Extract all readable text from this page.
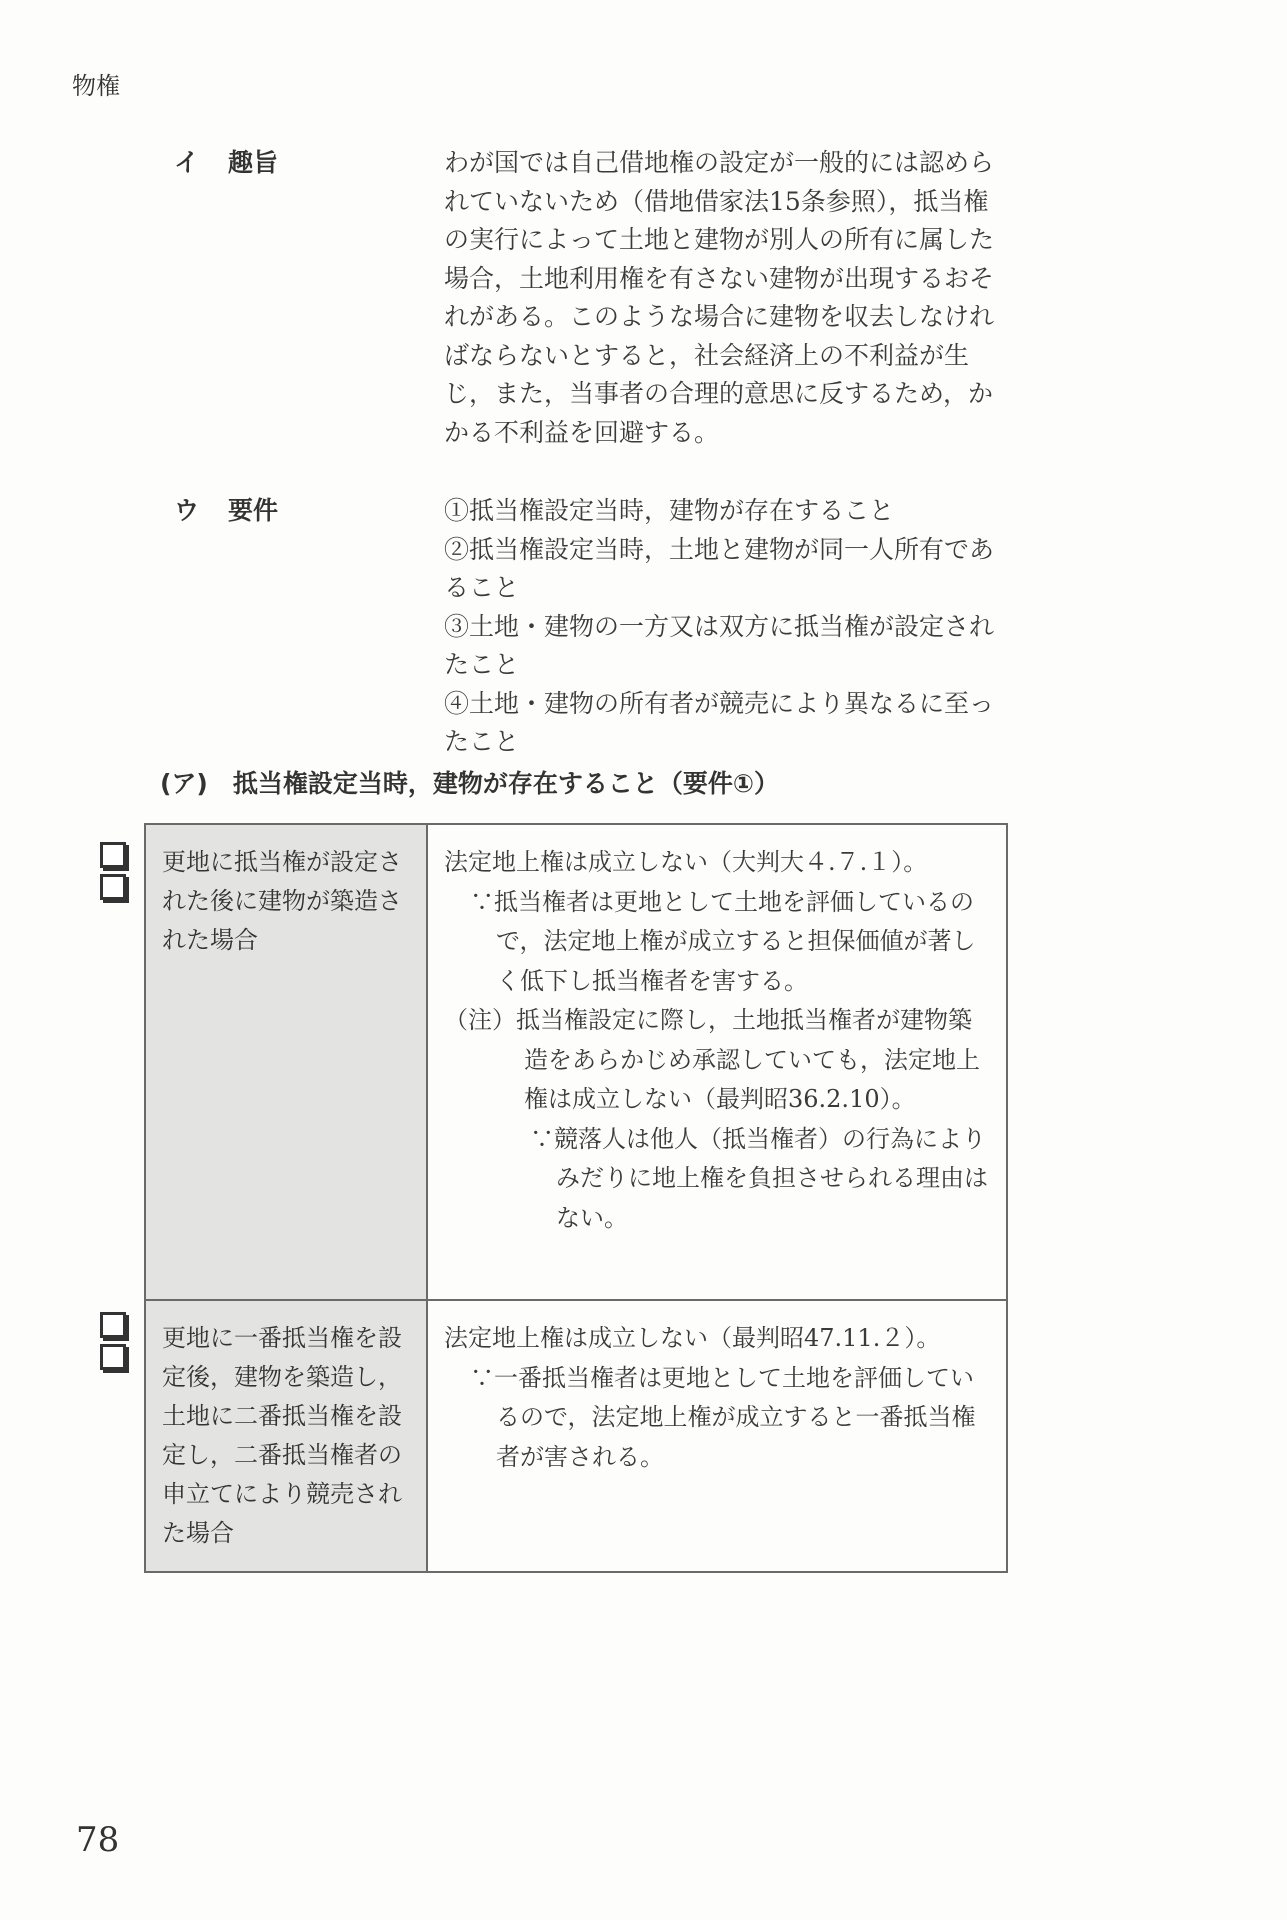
物権
イ 趣旨	わが国では自己借地権の設定が一般的には認められていないため（借地借家法15条参照），抵当権の実行によって土地と建物が別人の所有に属した場合，土地利用権を有さない建物が出現するおそれがある。このような場合に建物を収去しなければならないとすると，社会経済上の不利益が生じ，また，当事者の合理的意思に反するため，かかる不利益を回避する。

ウ 要件	①抵当権設定当時，建物が存在すること

②抵当権設定当時，土地と建物が同一人所有であること

③土地・建物の一方又は双方に抵当権が設定されたこと

④土地・建物の所有者が競売により異なるに至ったこと

(ア)　抵当権設定当時，建物が存在すること（要件①）
更地に抵当権が設定された後に建物が築造された場合	法定地上権は成立しない（大判大４.７.１）。

∵抵当権者は更地として土地を評価しているので，法定地上権が成立すると担保価値が著しく低下し抵当権者を害する。

（注）抵当権設定に際し，土地抵当権者が建物築造をあらかじめ承認していても，法定地上権は成立しない（最判昭36.2.10）。

∵競落人は他人（抵当権者）の行為によりみだりに地上権を負担させられる理由はない。

更地に一番抵当権を設定後，建物を築造し，土地に二番抵当権を設定し，二番抵当権者の申立てにより競売された場合	法定地上権は成立しない（最判昭47.11.２）。

∵一番抵当権者は更地として土地を評価しているので，法定地上権が成立すると一番抵当権者が害される。

78
